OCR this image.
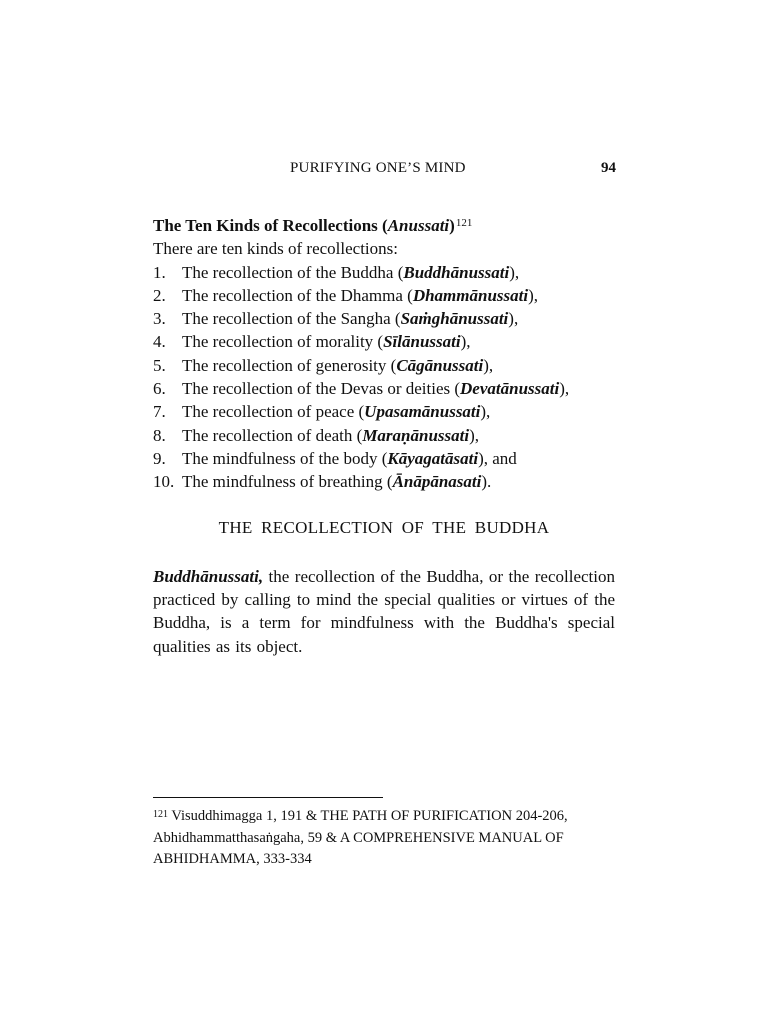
PURIFYING ONE’S MIND	94

The Ten Kinds of Recollections (Anussati)$^{121}$

There are ten kinds of recollections:

1. The recollection of the Buddha (Buddhānussati),
2. The recollection of the Dhamma (Dhammānussati),
3. The recollection of the Sangha (Saṁghānussati),
4. The recollection of morality (Sīlānussati),
5. The recollection of generosity (Cāgānussati),
6. The recollection of the Devas or deities (Devatānussati),
7. The recollection of peace (Upasamānussati),
8. The recollection of death (Maraṇānussati),
9. The mindfulness of the body (Kāyagatāsati), and
10. The mindfulness of breathing (Ānāpānasati).

THE RECOLLECTION OF THE BUDDHA

Buddhānussati, the recollection of the Buddha, or the recollection practiced by calling to mind the special qualities or virtues of the Buddha, is a term for mindfulness with the Buddha's special qualities as its object.

$^{121}$ Visuddhimagga 1, 191 & THE PATH OF PURIFICATION 204-206, Abhidhammatthasaṅgaha, 59 & A COMPREHENSIVE MANUAL OF ABHIDHAMMA, 333-334
